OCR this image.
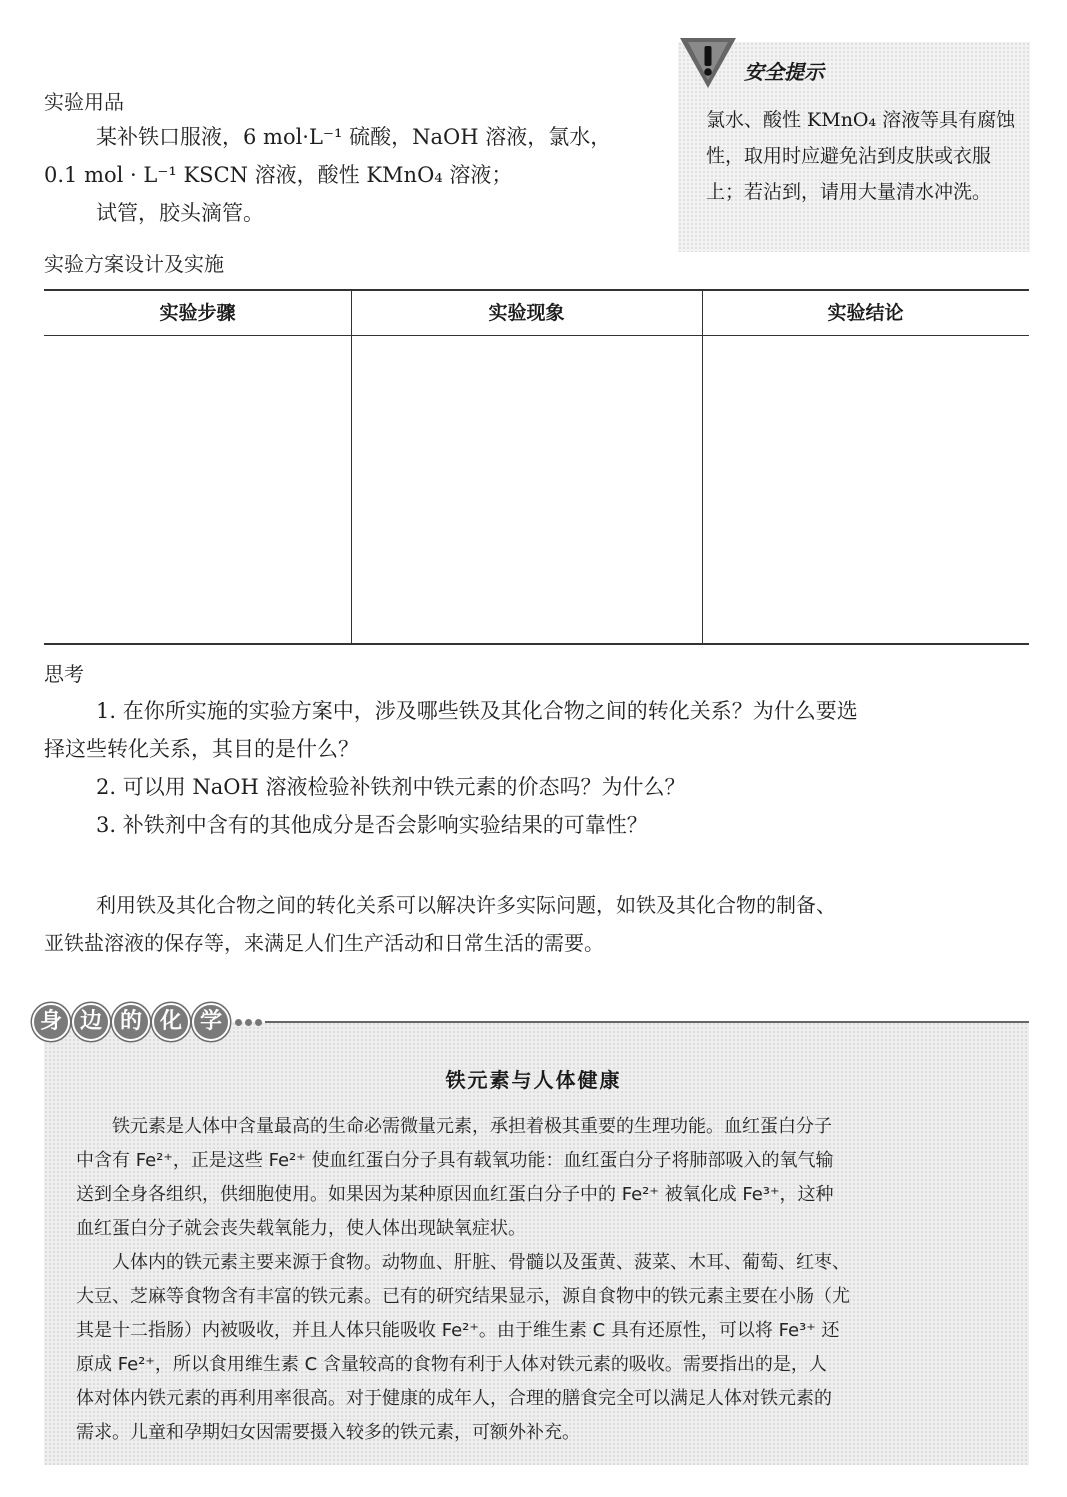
实验用品
某补铁口服液，6 mol·L⁻¹ 硫酸，NaOH 溶液，氯水，
0.1 mol · L⁻¹ KSCN 溶液，酸性 KMnO₄ 溶液；
试管，胶头滴管。
安全提示
氯水、酸性 KMnO₄ 溶液等具有腐蚀性，取用时应避免沾到皮肤或衣服上；若沾到，请用大量清水冲洗。
实验方案设计及实施
实验步骤	实验现象	实验结论
思考
1. 在你所实施的实验方案中，涉及哪些铁及其化合物之间的转化关系？为什么要选
择这些转化关系，其目的是什么？
2. 可以用 NaOH 溶液检验补铁剂中铁元素的价态吗？为什么？
3. 补铁剂中含有的其他成分是否会影响实验结果的可靠性？
利用铁及其化合物之间的转化关系可以解决许多实际问题，如铁及其化合物的制备、
亚铁盐溶液的保存等，来满足人们生产活动和日常生活的需要。
身 边 的 化 学
铁元素与人体健康
铁元素是人体中含量最高的生命必需微量元素，承担着极其重要的生理功能。血红蛋白分子
中含有 Fe²⁺，正是这些 Fe²⁺ 使血红蛋白分子具有载氧功能：血红蛋白分子将肺部吸入的氧气输
送到全身各组织，供细胞使用。如果因为某种原因血红蛋白分子中的 Fe²⁺ 被氧化成 Fe³⁺，这种
血红蛋白分子就会丧失载氧能力，使人体出现缺氧症状。
人体内的铁元素主要来源于食物。动物血、肝脏、骨髓以及蛋黄、菠菜、木耳、葡萄、红枣、
大豆、芝麻等食物含有丰富的铁元素。已有的研究结果显示，源自食物中的铁元素主要在小肠（尤
其是十二指肠）内被吸收，并且人体只能吸收 Fe²⁺。由于维生素 C 具有还原性，可以将 Fe³⁺ 还
原成 Fe²⁺，所以食用维生素 C 含量较高的食物有利于人体对铁元素的吸收。需要指出的是，人
体对体内铁元素的再利用率很高。对于健康的成年人，合理的膳食完全可以满足人体对铁元素的
需求。儿童和孕期妇女因需要摄入较多的铁元素，可额外补充。
